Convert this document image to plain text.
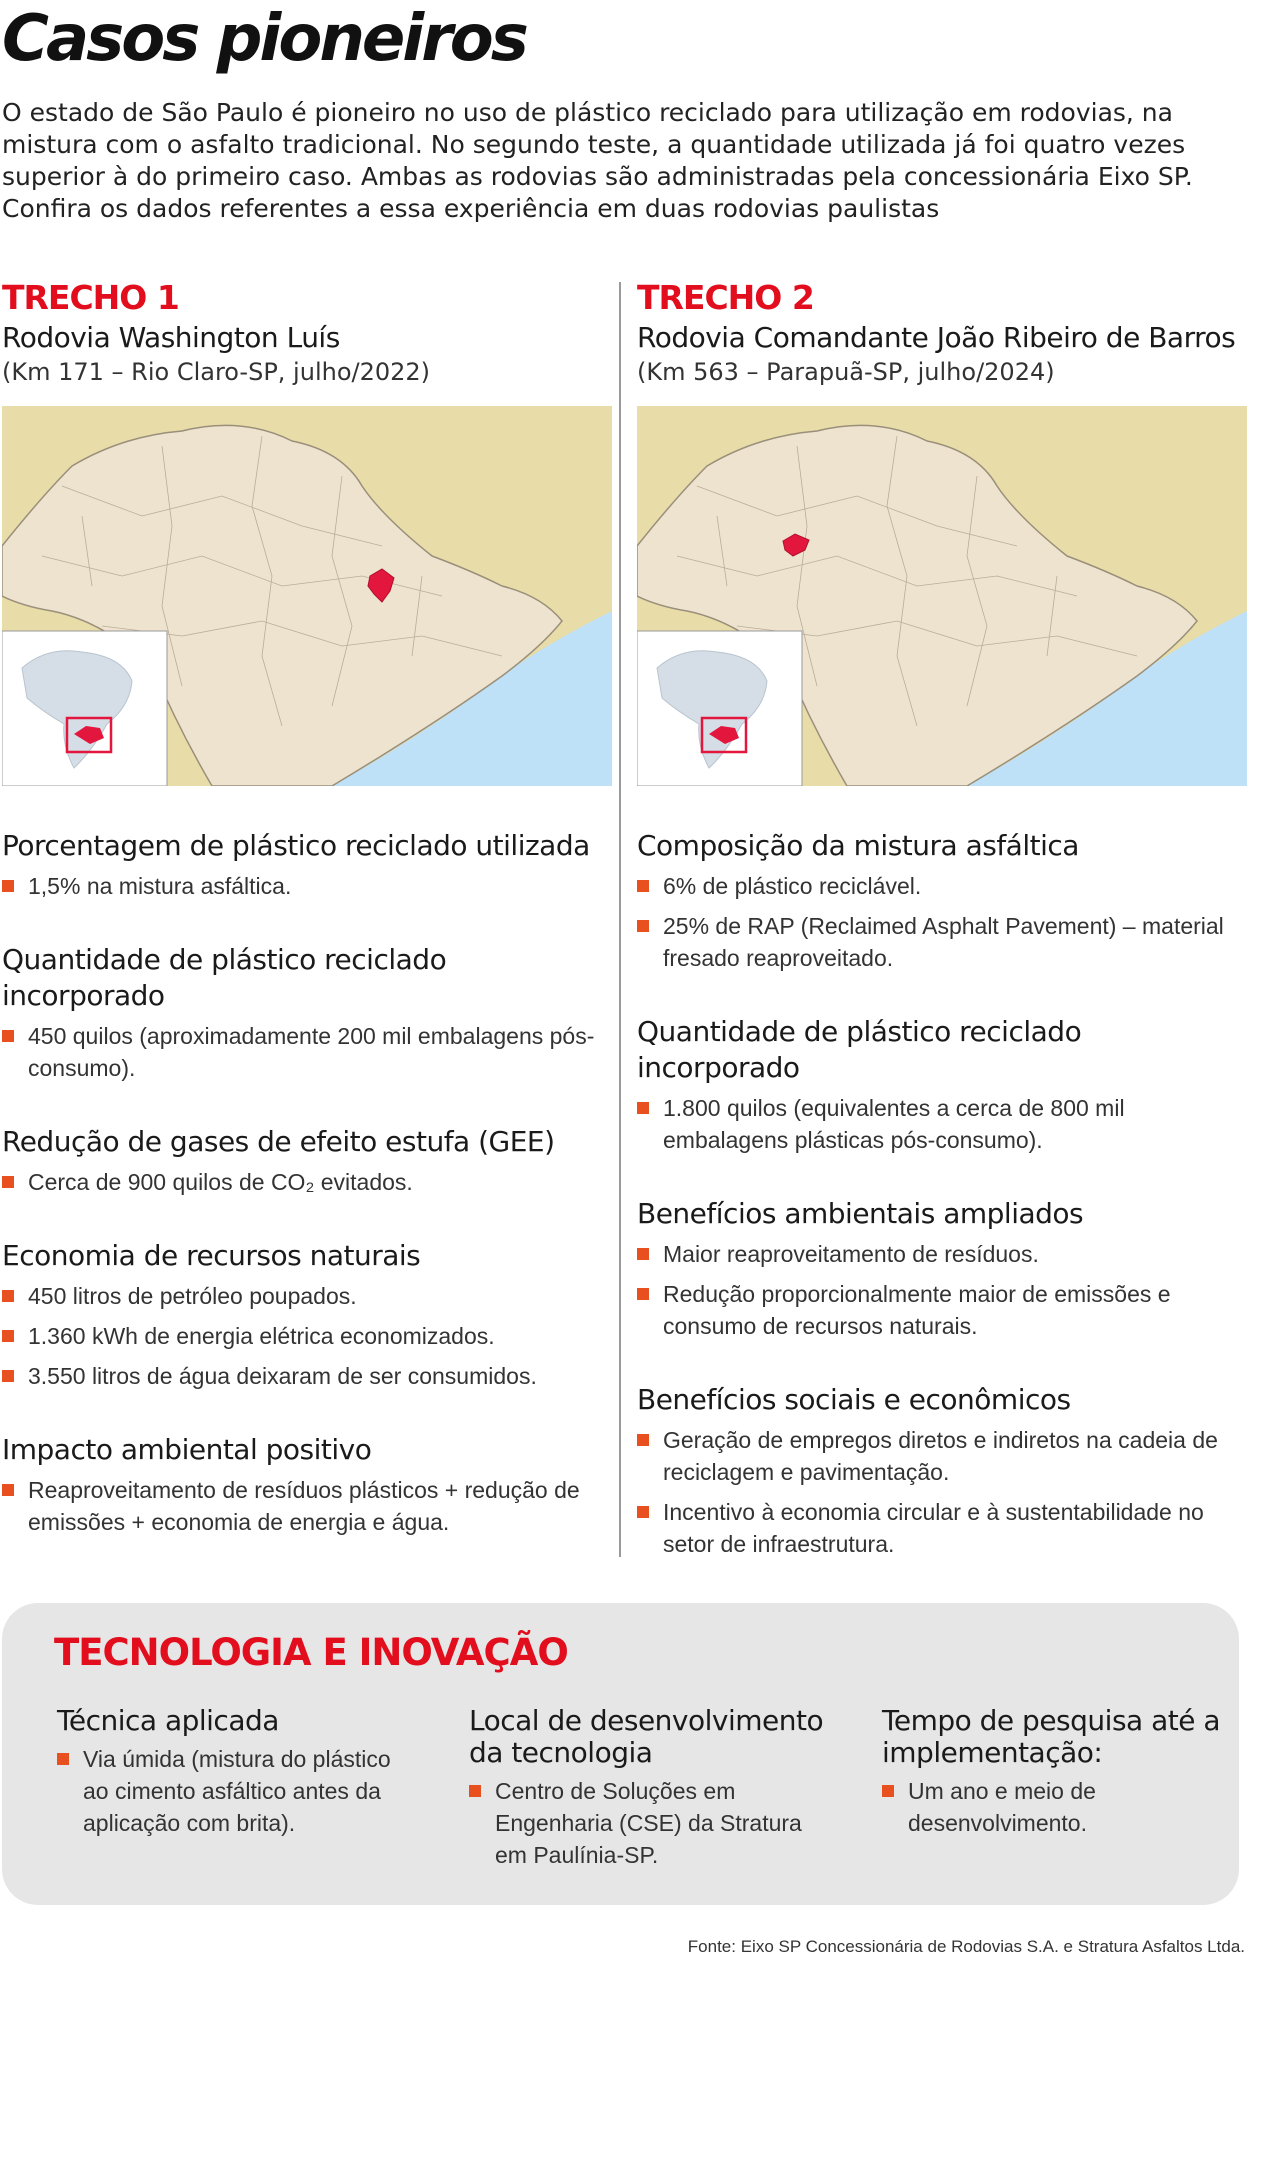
Casos pioneiros

O estado de São Paulo é pioneiro no uso de plástico reciclado para utilização em rodovias, na mistura com o asfalto tradicional. No segundo teste, a quantidade utilizada já foi quatro vezes superior à do primeiro caso. Ambas as rodovias são administradas pela concessionária Eixo SP. Confira os dados referentes a essa experiência em duas rodovias paulistas

TRECHO 1
Rodovia Washington Luís
(Km 171 – Rio Claro-SP, julho/2022)
Porcentagem de plástico reciclado utilizada
1,5% na mistura asfáltica.
Quantidade de plástico reciclado incorporado
450 quilos (aproximadamente 200 mil embalagens pós-consumo).
Redução de gases de efeito estufa (GEE)
Cerca de 900 quilos de CO₂ evitados.
Economia de recursos naturais
450 litros de petróleo poupados.
1.360 kWh de energia elétrica economizados.
3.550 litros de água deixaram de ser consumidos.
Impacto ambiental positivo
Reaproveitamento de resíduos plásticos + redução de emissões + economia de energia e água.
TRECHO 2
Rodovia Comandante João Ribeiro de Barros
(Km 563 – Parapuã-SP, julho/2024)
Composição da mistura asfáltica
6% de plástico reciclável.
25% de RAP (Reclaimed Asphalt Pavement) – material fresado reaproveitado.
Quantidade de plástico reciclado incorporado
1.800 quilos (equivalentes a cerca de 800 mil embalagens plásticas pós-consumo).
Benefícios ambientais ampliados
Maior reaproveitamento de resíduos.
Redução proporcionalmente maior de emissões e consumo de recursos naturais.
Benefícios sociais e econômicos
Geração de empregos diretos e indiretos na cadeia de reciclagem e pavimentação.
Incentivo à economia circular e à sustentabilidade no setor de infraestrutura.
TECNOLOGIA E INOVAÇÃO
Técnica aplicada
Via úmida (mistura do plástico ao cimento asfáltico antes da aplicação com brita).
Local de desenvolvimento da tecnologia
Centro de Soluções em Engenharia (CSE) da Stratura em Paulínia-SP.
Tempo de pesquisa até a implementação:
Um ano e meio de desenvolvimento.
Fonte: Eixo SP Concessionária de Rodovias S.A. e Stratura Asfaltos Ltda.
